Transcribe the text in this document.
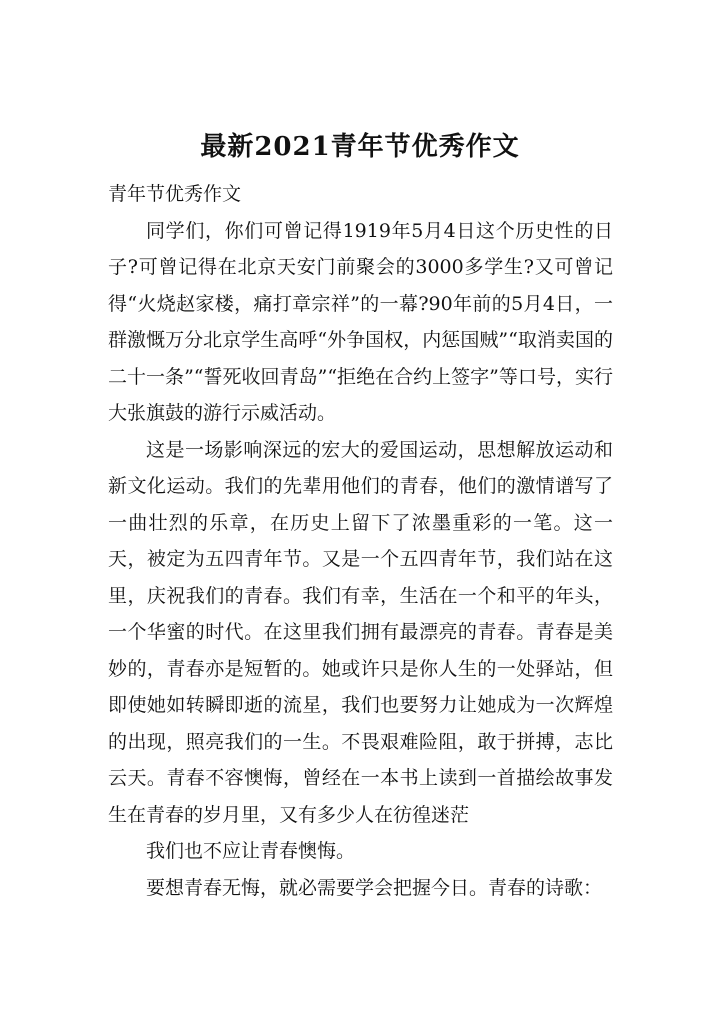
最新2021青年节优秀作文

青年节优秀作文

同学们，你们可曾记得1919年5月4日这个历史性的日子?可曾记得在北京天安门前聚会的3000多学生?又可曾记得“火烧赵家楼，痛打章宗祥”的一幕?90年前的5月4日，一群激慨万分北京学生高呼“外争国权，内惩国贼”“取消卖国的二十一条”“誓死收回青岛”“拒绝在合约上签字”等口号，实行大张旗鼓的游行示威活动。

这是一场影响深远的宏大的爱国运动，思想解放运动和新文化运动。我们的先辈用他们的青春，他们的激情谱写了一曲壮烈的乐章，在历史上留下了浓墨重彩的一笔。这一天，被定为五四青年节。又是一个五四青年节，我们站在这里，庆祝我们的青春。我们有幸，生活在一个和平的年头，一个华蜜的时代。在这里我们拥有最漂亮的青春。青春是美妙的，青春亦是短暂的。她或许只是你人生的一处驿站，但即使她如转瞬即逝的流星，我们也要努力让她成为一次辉煌的出现，照亮我们的一生。不畏艰难险阻，敢于拼搏，志比云天。青春不容懊悔，曾经在一本书上读到一首描绘故事发生在青春的岁月里，又有多少人在彷徨迷茫

我们也不应让青春懊悔。

要想青春无悔，就必需要学会把握今日。青春的诗歌：
